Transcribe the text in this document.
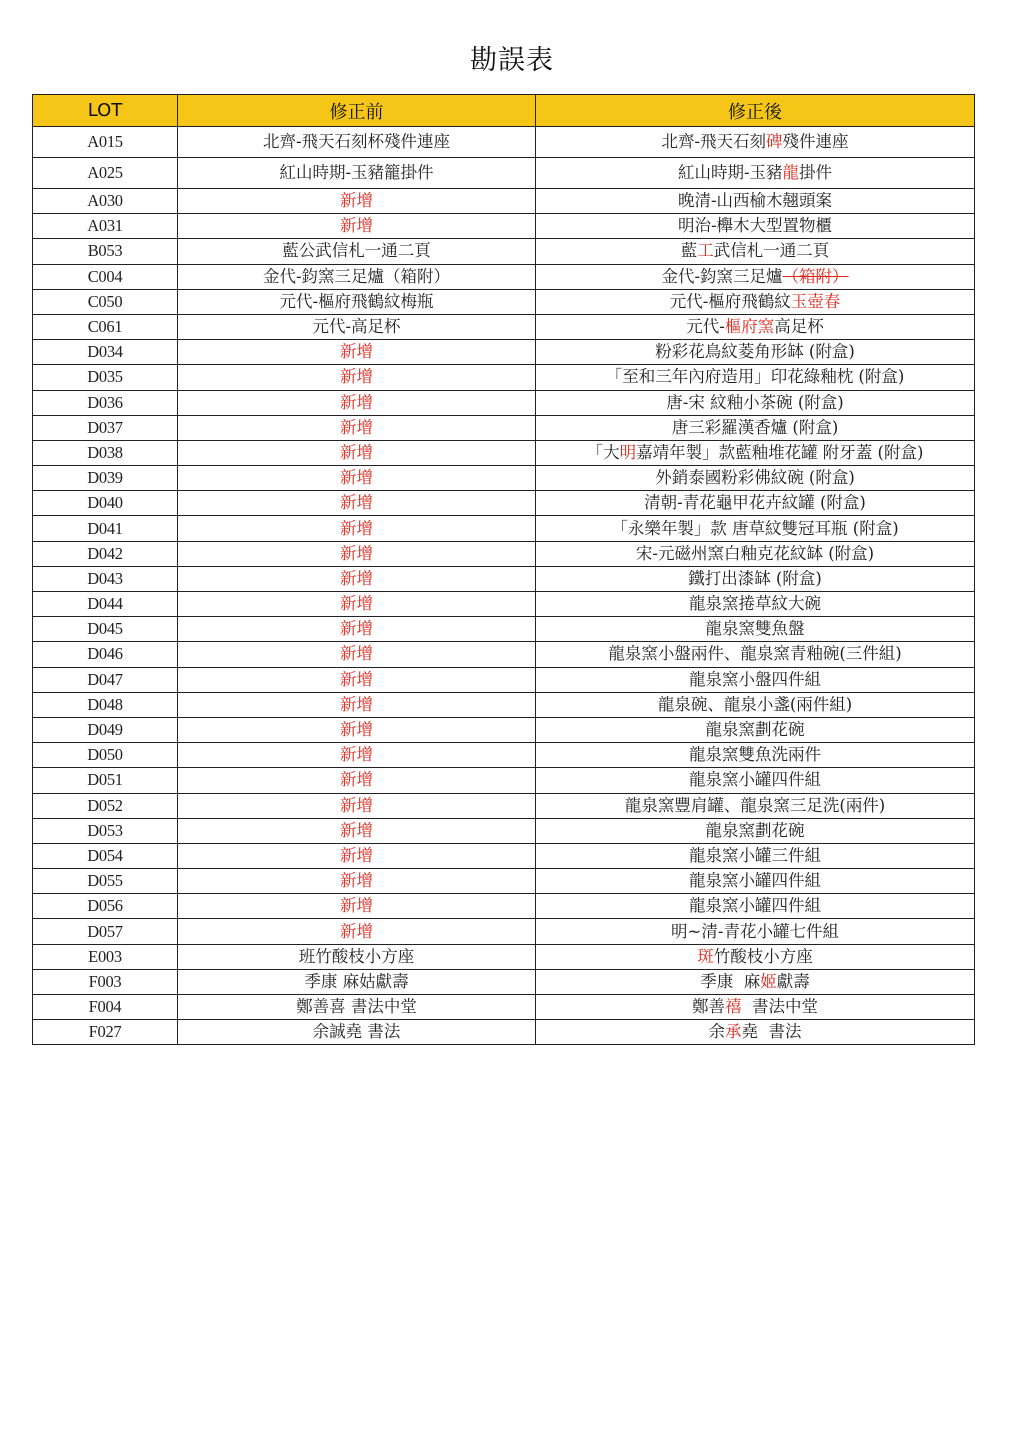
勘誤表
LOT	修正前	修正後
A015	北齊-飛天石刻杯殘件連座	北齊-飛天石刻碑殘件連座
A025	紅山時期-玉豬籠掛件	紅山時期-玉豬龍掛件
A030	新增	晚清-山西榆木翹頭案
A031	新增	明治-櫸木大型置物櫃
B053	藍公武信札一通二頁	藍工武信札一通二頁
C004	金代-鈞窯三足爐（箱附）	金代-鈞窯三足爐（箱附）
C050	元代-樞府飛鶴紋梅瓶	元代-樞府飛鶴紋玉壺春
C061	元代-高足杯	元代-樞府窯高足杯
D034	新增	粉彩花鳥紋菱角形缽 (附盒)
D035	新增	「至和三年內府造用」印花綠釉枕 (附盒)
D036	新增	唐-宋 紋釉小茶碗 (附盒)
D037	新增	唐三彩羅漢香爐 (附盒)
D038	新增	「大明嘉靖年製」款藍釉堆花罐 附牙蓋 (附盒)
D039	新增	外銷泰國粉彩佛紋碗 (附盒)
D040	新增	清朝-青花龜甲花卉紋罐 (附盒)
D041	新增	「永樂年製」款 唐草紋雙冠耳瓶 (附盒)
D042	新增	宋-元磁州窯白釉克花紋缽 (附盒)
D043	新增	鐵打出漆缽 (附盒)
D044	新增	龍泉窯捲草紋大碗
D045	新增	龍泉窯雙魚盤
D046	新增	龍泉窯小盤兩件、龍泉窯青釉碗(三件組)
D047	新增	龍泉窯小盤四件組
D048	新增	龍泉碗、龍泉小盞(兩件組)
D049	新增	龍泉窯劃花碗
D050	新增	龍泉窯雙魚洗兩件
D051	新增	龍泉窯小罐四件組
D052	新增	龍泉窯豐肩罐、龍泉窯三足洗(兩件)
D053	新增	龍泉窯劃花碗
D054	新增	龍泉窯小罐三件組
D055	新增	龍泉窯小罐四件組
D056	新增	龍泉窯小罐四件組
D057	新增	明~清-青花小罐七件組
E003	班竹酸枝小方座	斑竹酸枝小方座
F003	季康 麻姑獻壽	季康  麻姬獻壽
F004	鄭善喜 書法中堂	鄭善禧  書法中堂
F027	余誠堯 書法	余承堯  書法
